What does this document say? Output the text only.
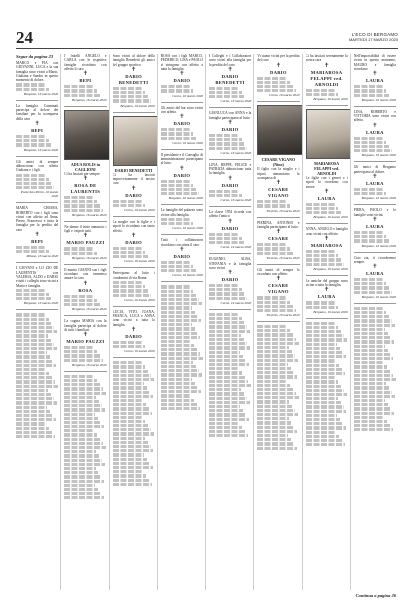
24	L'ECO DI BERGAMO
MARTEDÌ 17 MARZO 2020
Segue da pagina 23

MARCO e PIA con GIOVANNI, LUCA e la sua famiglia sono vicini a Mario, Giuliana e Sandro in questo momento di dolore.

Bergamo, 16 marzo 2020

La famiglia Carminati partecipa al dolore dei familiari per la scomparsa della cara

✝
BEPI
Bergamo, 16 marzo 2020

Gli amici di sempre abbracciano con affetto Giuliana e i figli.

Ponte San Pietro, 16 marzo 2020

MARIA CHIARA, ROBERTO con i figli sono vicini con affetto ad Anna, Pietro, Francesca e tutta la famiglia per la perdita del caro

✝
BEPI
Milano, 16 marzo 2020

I GIOVANI e LO ZIO DE LAURENTIS con VALERIA, ALDO e DARIO e tutti i colleghi sono vicini a Mario e famiglia.

Bergamo, 16 marzo 2020

I fratelli ANGELO e CARLA con le rispettive famiglie ricordano con affetto il caro

✝
BEPI
Bergamo, 16 marzo 2020
ADUA ROLIS in CAGLIONI

Ci ha lasciati per sempre

✝
ROSA DE LAURENTIS
Bergamo, 16 marzo 2020

Ne danno il triste annuncio i figli e i nipoti tutti.

✝
MARIO PAUZZI
Bergamo, 16 marzo 2020

Il marito GIANNI con i figli ricordano con immenso amore la cara

✝
ROSA
Bergamo, 16 marzo 2020

La cugina MARIA con la famiglia partecipa al dolore di tutti i familiari.

✝
MARIO PAUZZI
Bergamo, 16 marzo 2020

Sono vicini al dolore della famiglia Benedetti gli amici del gruppo sportivo.

✝
DARIO BENEDETTI
Bergamo, 16 marzo 2020
DARIO BENEDETTI

Ci ha lasciati improvvisamente il nostro caro

✝
DARIO
Curno, 16 marzo 2020

La moglie con le figlie e i nipoti lo ricordano con tanto affetto.

✝
DARIO
Curno, 16 marzo 2020

Partecipano al lutto i condomini di via Roma.

Curno, 16 marzo 2020

LUCIA, VITO, JUANA, FRANCA, LUCA e ANNA sono vicini a tutta la famiglia.

✝
DARIO
Curno, 16 marzo 2020

ROSA con i figli MARCO, FEDERICO, LISA e PAOLO si stringono con affetto a tutta la famiglia.

✝
DARIO
Curno, 16 marzo 2020

Gli amici del bar sono vicini con affetto.

✝
DARIO
Curno, 16 marzo 2020

Il presidente e il Consiglio di amministrazione partecipano al lutto.

✝
DARIO
Bergamo, 16 marzo 2020

Le famiglie del palazzo sono vicine alla famiglia.

Curno, 16 marzo 2020

Tutti i collaboratori ricordano con stima il caro

✝
DARIO
Curno, 16 marzo 2020

I Colleghi e i Collaboratori sono vicini alla famiglia per la perdita del caro

✝
DARIO BENEDETTI
Curno, 16 marzo 2020

GIANLUCA con ANNA e la famiglia partecipano al lutto.

✝
DARIO
Curno, 16 marzo 2020

LINA, BEPPE, FELICE e PATRIZIA abbracciano tutta la famiglia.

✝
DARIO
Curno, 16 marzo 2020

La classe 1954 ricorda con affetto l'amico

✝
DARIO
Curno, 16 marzo 2020

EUGENIO, ALBA, STEFANIA e la famiglia sono vicini.

✝
DARIO
Curno, 16 marzo 2020

Vi siamo vicini per la perdita del caro

✝
DARIO
Curno, 16 marzo 2020
CESARE VIGANO (Nino)

Il figlio con la moglie e i nipoti annunciano la scomparsa di

✝
CESARE VIGANO
Treviolo, 16 marzo 2020

PIERINA, ANTONIO e famiglia partecipano al lutto.

✝
CESARE
Treviolo, 16 marzo 2020

Gli amici di sempre lo ricordano con affetto.

✝
CESARE VIGANO
Treviolo, 16 marzo 2020

Ci ha lasciati serenamente la nostra cara

✝
MARIAROSA FELAPPI ved. ARNOLDI
Bergamo, 16 marzo 2020
MARIAROSA FELAPPI ved. ARNOLDI

Le figlie con i generi e i nipoti la ricordano con amore.

✝
LAURA
Bergamo, 16 marzo 2020

ANNA, ANGELO e famiglia sono vicini con affetto.

✝
MARIAROSA
Bergamo, 16 marzo 2020

Le amiche del gruppo sono vicine a tutta la famiglia.

✝
LAURA
Bergamo, 16 marzo 2020

Nell'impossibilità di essere vicini in questo momento, MAURO e famiglia ricordano

✝
LAURA
Bergamo, 16 marzo 2020

LINA, ROBERTO e VITTORIA sono vicini con affetto.

✝
LAURA
Bergamo, 16 marzo 2020

Gli amici di Bergamo partecipano al dolore.

✝
LAURA
Bergamo, 16 marzo 2020

PIERA, PAOLO e le famiglie sono vicini.

✝
LAURA
Bergamo, 16 marzo 2020

Ciao zia, ti ricorderemo sempre.

✝
LAURA
Bergamo, 16 marzo 2020
Continua a pagina 26
